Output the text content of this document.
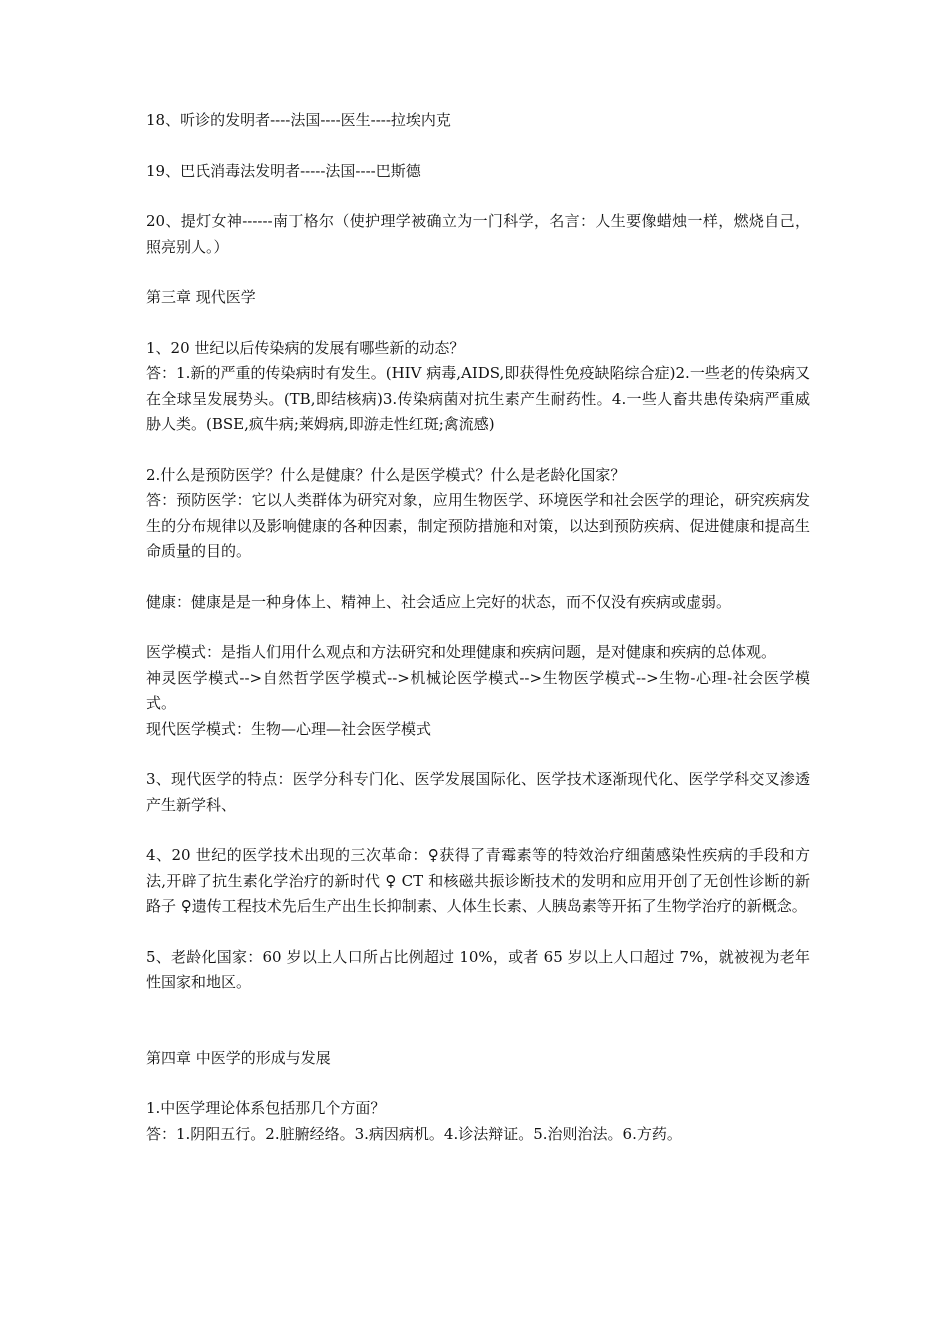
18、听诊的发明者----法国----医生----拉埃内克

19、巴氏消毒法发明者-----法国----巴斯德

20、提灯女神------南丁格尔（使护理学被确立为一门科学，名言：人生要像蜡烛一样，燃烧自己，照亮别人。）

第三章 现代医学

1、20 世纪以后传染病的发展有哪些新的动态？

答：1.新的严重的传染病时有发生。(HIV 病毒,AIDS,即获得性免疫缺陷综合症)2.一些老的传染病又在全球呈发展势头。(TB,即结核病)3.传染病菌对抗生素产生耐药性。4.一些人畜共患传染病严重威胁人类。(BSE,疯牛病;莱姆病,即游走性红斑;禽流感)

2.什么是预防医学？什么是健康？什么是医学模式？什么是老龄化国家？

答：预防医学：它以人类群体为研究对象，应用生物医学、环境医学和社会医学的理论，研究疾病发生的分布规律以及影响健康的各种因素，制定预防措施和对策，以达到预防疾病、促进健康和提高生命质量的目的。

健康：健康是是一种身体上、精神上、社会适应上完好的状态，而不仅没有疾病或虚弱。

医学模式：是指人们用什么观点和方法研究和处理健康和疾病问题，是对健康和疾病的总体观。

神灵医学模式-->自然哲学医学模式-->机械论医学模式-->生物医学模式-->生物-心理-社会医学模式。

现代医学模式：生物—心理—社会医学模式

3、现代医学的特点：医学分科专门化、医学发展国际化、医学技术逐渐现代化、医学学科交叉渗透产生新学科、

4、20 世纪的医学技术出现的三次革命：♀获得了青霉素等的特效治疗细菌感染性疾病的手段和方法,开辟了抗生素化学治疗的新时代 ♀ CT 和核磁共振诊断技术的发明和应用开创了无创性诊断的新路子 ♀遗传工程技术先后生产出生长抑制素、人体生长素、人胰岛素等开拓了生物学治疗的新概念。

5、老龄化国家：60 岁以上人口所占比例超过 10%，或者 65 岁以上人口超过 7%，就被视为老年性国家和地区。

第四章 中医学的形成与发展

1.中医学理论体系包括那几个方面？

答：1.阴阳五行。2.脏腑经络。3.病因病机。4.诊法辩证。5.治则治法。6.方药。
